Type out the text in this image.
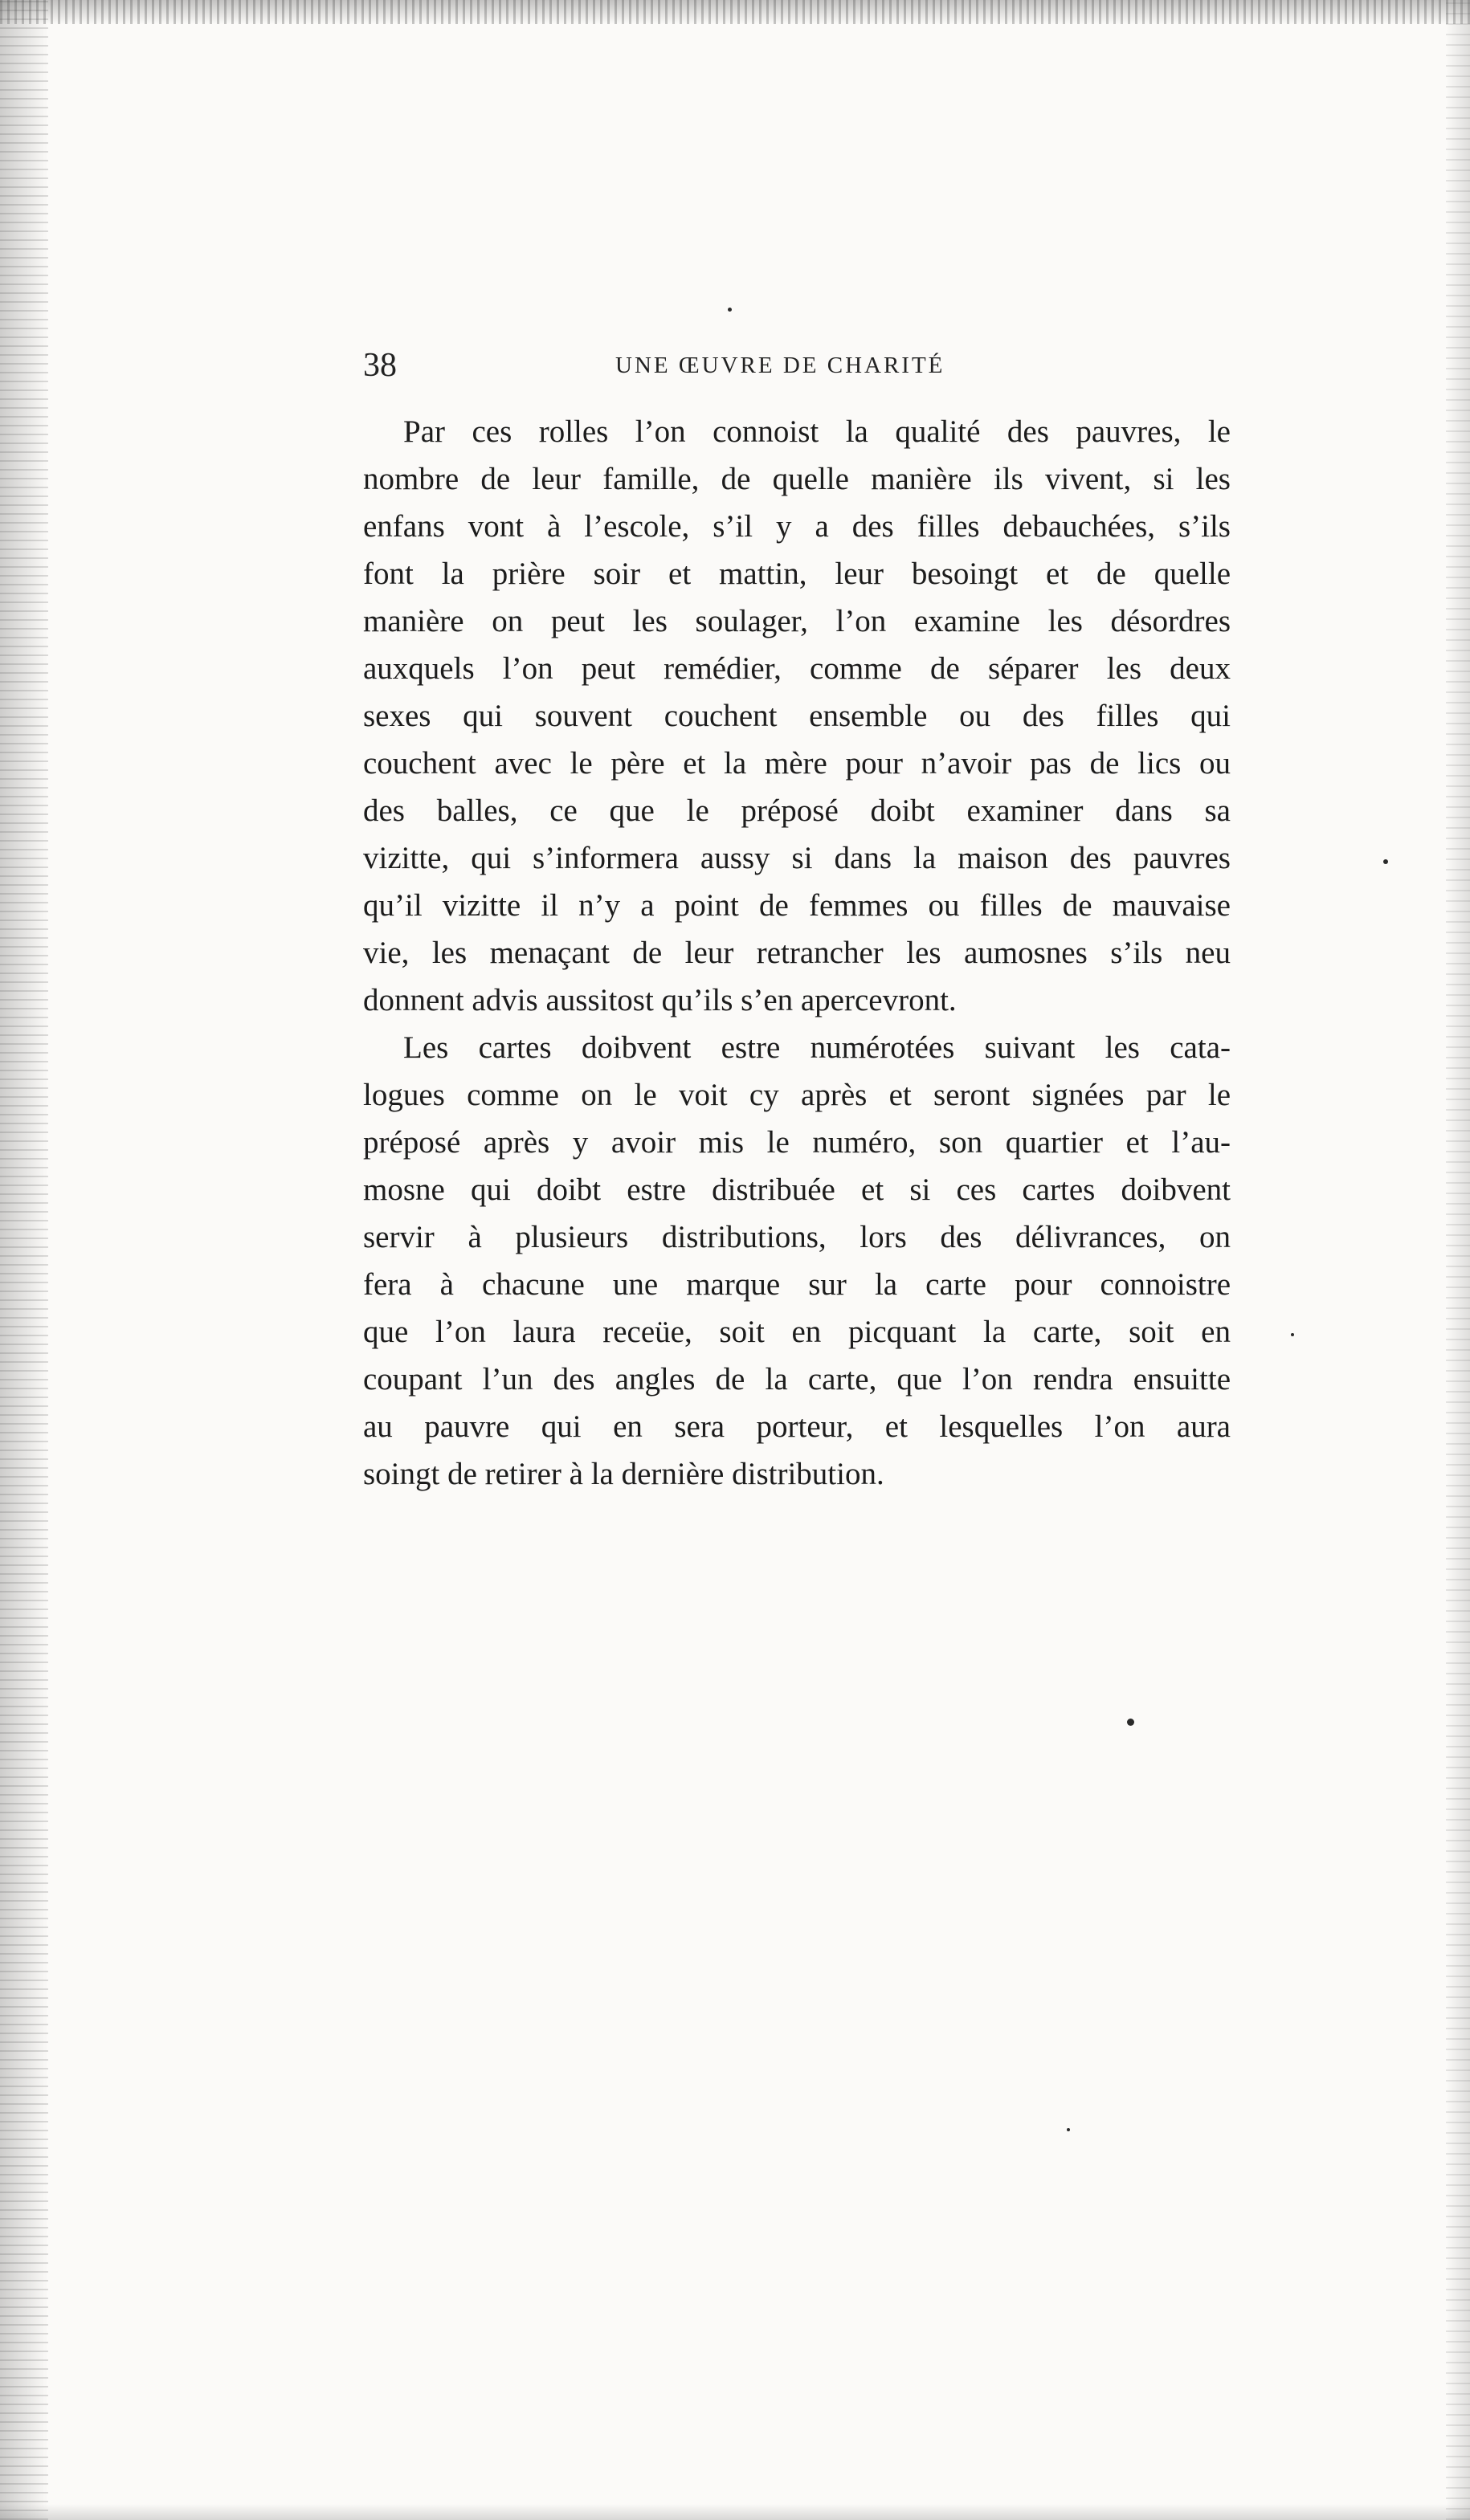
38	UNE ŒUVRE DE CHARITÉ

Par ces rolles l’on connoist la qualité des pauvres, le
nombre de leur famille, de quelle manière ils vivent, si les
enfans vont à l’escole, s’il y a des filles debauchées, s’ils
font la prière soir et mattin, leur besoingt et de quelle
manière on peut les soulager, l’on examine les désordres
auxquels l’on peut remédier, comme de séparer les deux
sexes qui souvent couchent ensemble ou des filles qui
couchent avec le père et la mère pour n’avoir pas de lics ou
des balles, ce que le préposé doibt examiner dans sa
vizitte, qui s’informera aussy si dans la maison des pauvres
qu’il vizitte il n’y a point de femmes ou filles de mauvaise
vie, les menaçant de leur retrancher les aumosnes s’ils neu
donnent advis aussitost qu’ils s’en apercevront.

Les cartes doibvent estre numérotées suivant les cata-
logues comme on le voit cy après et seront signées par le
préposé après y avoir mis le numéro, son quartier et l’au-
mosne qui doibt estre distribuée et si ces cartes doibvent
servir à plusieurs distributions, lors des délivrances, on
fera à chacune une marque sur la carte pour connoistre
que l’on laura receüe, soit en picquant la carte, soit en
coupant l’un des angles de la carte, que l’on rendra ensuitte
au pauvre qui en sera porteur, et lesquelles l’on aura
soingt de retirer à la dernière distribution.
